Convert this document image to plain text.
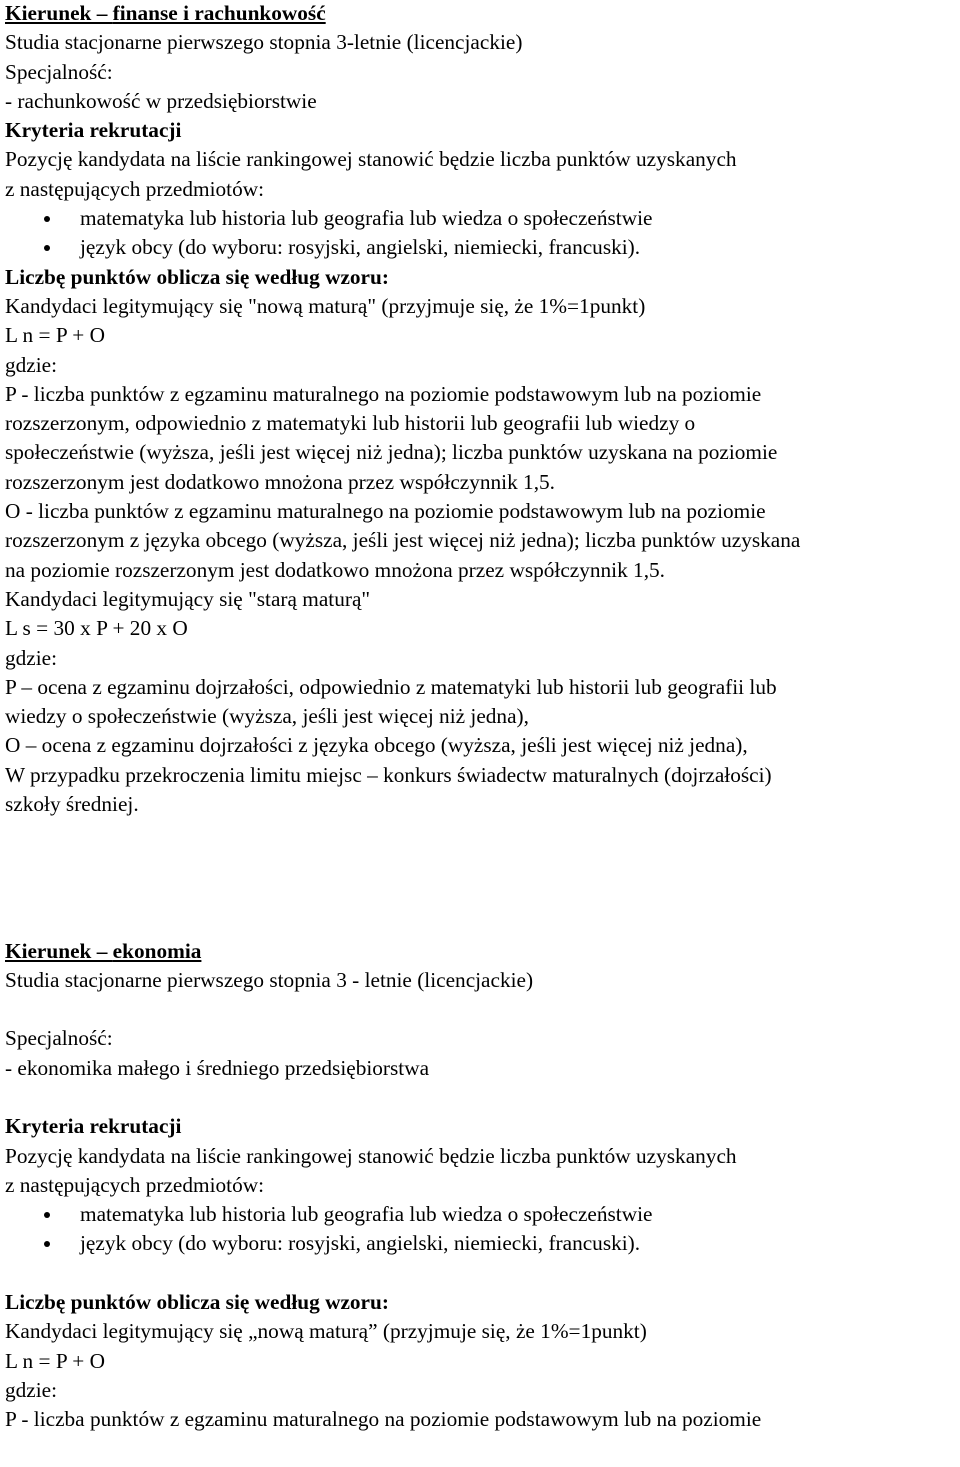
Kierunek – finanse i rachunkowość
Studia stacjonarne pierwszego stopnia 3-letnie (licencjackie)
Specjalność:
- rachunkowość w przedsiębiorstwie
Kryteria rekrutacji
Pozycję kandydata na liście rankingowej stanowić będzie liczba punktów uzyskanych
z następujących przedmiotów:
matematyka lub historia lub geografia lub wiedza o społeczeństwie
język obcy (do wyboru: rosyjski, angielski, niemiecki, francuski).
Liczbę punktów oblicza się według wzoru:
Kandydaci legitymujący się "nową maturą" (przyjmuje się, że 1%=1punkt)
L n = P + O
gdzie:
P - liczba punktów z egzaminu maturalnego na poziomie podstawowym lub na poziomie
rozszerzonym, odpowiednio z matematyki lub historii lub geografii lub wiedzy o
społeczeństwie (wyższa, jeśli jest więcej niż jedna); liczba punktów uzyskana na poziomie
rozszerzonym jest dodatkowo mnożona przez współczynnik 1,5.
O - liczba punktów z egzaminu maturalnego na poziomie podstawowym lub na poziomie
rozszerzonym z języka obcego (wyższa, jeśli jest więcej niż jedna); liczba punktów uzyskana
na poziomie rozszerzonym jest dodatkowo mnożona przez współczynnik 1,5.
Kandydaci legitymujący się "starą maturą"
L s = 30 x P + 20 x O
gdzie:
P – ocena z egzaminu dojrzałości, odpowiednio z matematyki lub historii lub geografii lub
wiedzy o społeczeństwie (wyższa, jeśli jest więcej niż jedna),
O – ocena z egzaminu dojrzałości z języka obcego (wyższa, jeśli jest więcej niż jedna),
W przypadku przekroczenia limitu miejsc – konkurs świadectw maturalnych (dojrzałości)
szkoły średniej.
Kierunek – ekonomia
Studia stacjonarne pierwszego stopnia 3 - letnie (licencjackie)
Specjalność:
- ekonomika małego i średniego przedsiębiorstwa
Kryteria rekrutacji
Pozycję kandydata na liście rankingowej stanowić będzie liczba punktów uzyskanych
z następujących przedmiotów:
matematyka lub historia lub geografia lub wiedza o społeczeństwie
język obcy (do wyboru: rosyjski, angielski, niemiecki, francuski).
Liczbę punktów oblicza się według wzoru:
Kandydaci legitymujący się „nową maturą” (przyjmuje się, że 1%=1punkt)
L n = P + O
gdzie:
P - liczba punktów z egzaminu maturalnego na poziomie podstawowym lub na poziomie
